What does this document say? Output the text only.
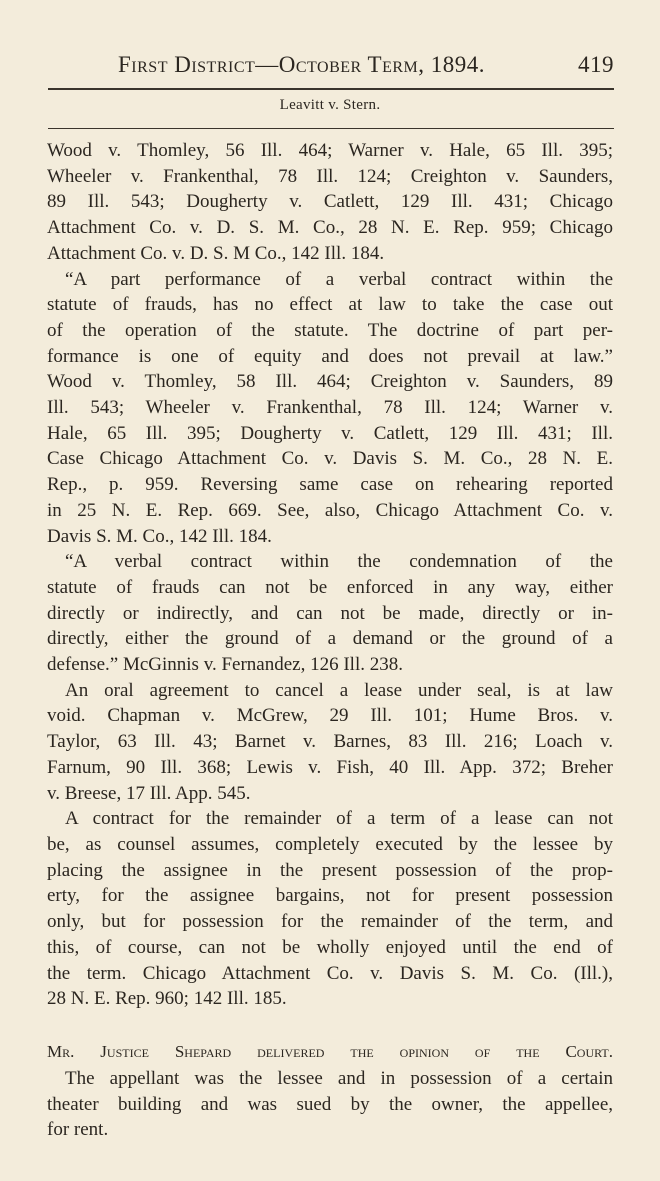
First District—October Term, 1894.	419
Leavitt v. Stern.
Wood v. Thomley, 56 Ill. 464; Warner v. Hale, 65 Ill. 395;
Wheeler v. Frankenthal, 78 Ill. 124; Creighton v. Saunders,
89 Ill. 543; Dougherty v. Catlett, 129 Ill. 431; Chicago
Attachment Co. v. D. S. M. Co., 28 N. E. Rep. 959; Chicago
Attachment Co. v. D. S. M Co., 142 Ill. 184.
“A part performance of a verbal contract within the
statute of frauds, has no effect at law to take the case out
of the operation of the statute. The doctrine of part per-
formance is one of equity and does not prevail at law.”
Wood v. Thomley, 58 Ill. 464; Creighton v. Saunders, 89
Ill. 543; Wheeler v. Frankenthal, 78 Ill. 124; Warner v.
Hale, 65 Ill. 395; Dougherty v. Catlett, 129 Ill. 431; Ill.
Case Chicago Attachment Co. v. Davis S. M. Co., 28 N. E.
Rep., p. 959. Reversing same case on rehearing reported
in 25 N. E. Rep. 669. See, also, Chicago Attachment Co. v.
Davis S. M. Co., 142 Ill. 184.
“A verbal contract within the condemnation of the
statute of frauds can not be enforced in any way, either
directly or indirectly, and can not be made, directly or in-
directly, either the ground of a demand or the ground of a
defense.” McGinnis v. Fernandez, 126 Ill. 238.
An oral agreement to cancel a lease under seal, is at law
void. Chapman v. McGrew, 29 Ill. 101; Hume Bros. v.
Taylor, 63 Ill. 43; Barnet v. Barnes, 83 Ill. 216; Loach v.
Farnum, 90 Ill. 368; Lewis v. Fish, 40 Ill. App. 372; Breher
v. Breese, 17 Ill. App. 545.
A contract for the remainder of a term of a lease can not
be, as counsel assumes, completely executed by the lessee by
placing the assignee in the present possession of the prop-
erty, for the assignee bargains, not for present possession
only, but for possession for the remainder of the term, and
this, of course, can not be wholly enjoyed until the end of
the term. Chicago Attachment Co. v. Davis S. M. Co. (Ill.),
28 N. E. Rep. 960; 142 Ill. 185.
Mr. Justice Shepard delivered the opinion of the Court.
The appellant was the lessee and in possession of a certain
theater building and was sued by the owner, the appellee,
for rent.
